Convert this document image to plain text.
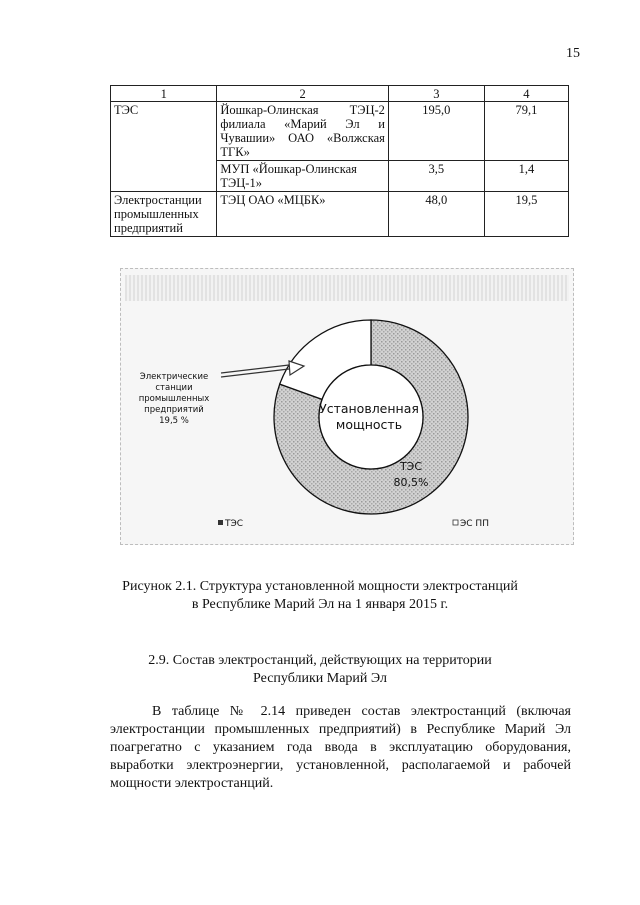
15
1	2	3	4
ТЭС	Йошкар-Олинская ТЭЦ-2 филиала «Марий Эл и Чувашии» ОАО «Волжская ТГК»	195,0	79,1
	МУП «Йошкар-Олинская ТЭЦ-1»	3,5	1,4
Электростанции промышленных предприятий	ТЭЦ ОАО «МЦБК»	48,0	19,5
Установленная
мощность
ТЭС
80,5%
Электрические
станции
промышленных
предприятий
19,5 %
ТЭС	ЭС ПП
Рисунок 2.1. Структура установленной мощности электростанций
в Республике Марий Эл на 1 января 2015 г.
2.9. Состав электростанций, действующих на территории
Республики Марий Эл

В таблице № 2.14 приведен состав электростанций (включая электростанции промышленных предприятий) в Республике Марий Эл поагрегатно с указанием года ввода в эксплуатацию оборудования, выработки электроэнергии, установленной, располагаемой и рабочей мощности электростанций.
